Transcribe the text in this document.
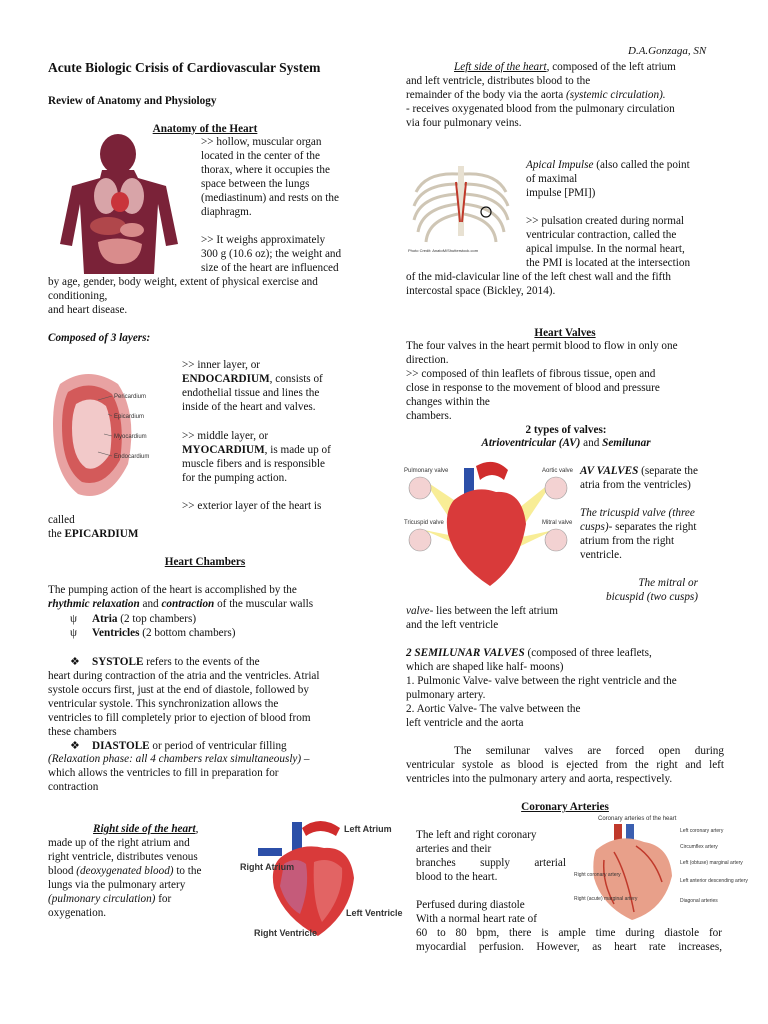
D.A.Gonzaga, SN

Acute Biologic Crisis of Cardiovascular System

Review of Anatomy and Physiology

Anatomy of the Heart

>> hollow, muscular organ

located in the center of the

thorax, where it occupies the

space between the lungs

(mediastinum) and rests on the

diaphragm.

>> It weighs approximately

300 g (10.6 oz); the weight and

size of the heart are influenced

by age, gender, body weight, extent of physical exercise and

conditioning,

and heart disease.

Composed of 3 layers:

Pericardium
Epicardium
Myocardium
Endocardium

>> inner layer, or

ENDOCARDIUM, consists of

endothelial tissue and lines the

inside of the heart and valves.

>> middle layer, or

MYOCARDIUM, is made up of

muscle fibers and is responsible

for the pumping action.

>> exterior layer of the heart is

called

the EPICARDIUM

Heart Chambers

The pumping action of the heart is accomplished by the

rhythmic relaxation and contraction of the muscular walls

ψ Atria (2 top chambers)

ψ Ventricles (2 bottom chambers)

❖ SYSTOLE refers to the events of the

heart during contraction of the atria and the ventricles. Atrial

systole occurs first, just at the end of diastole, followed by

ventricular systole. This synchronization allows the

ventricles to fill completely prior to ejection of blood from

these chambers

❖ DIASTOLE or period of ventricular filling

(Relaxation phase: all 4 chambers relax simultaneously) –

which allows the ventricles to fill in preparation for

contraction

Right side of the heart,

made up of the right atrium and

right ventricle, distributes venous

blood (deoxygenated blood) to the

lungs via the pulmonary artery

(pulmonary circulation) for

oxygenation.

Left Atrium
Right Atrium
Left Ventricle
Right Ventricle

Left side of the heart, composed of the left atrium

and left ventricle, distributes blood to the

remainder of the body via the aorta (systemic circulation).

- receives oxygenated blood from the pulmonary circulation

via four pulmonary veins.

Photo Credit: AnatoM/Shutterstock.com

Apical Impulse (also called the point

of maximal

impulse [PMI])

>> pulsation created during normal

ventricular contraction, called the

apical impulse. In the normal heart,

the PMI is located at the intersection

of the mid-clavicular line of the left chest wall and the fifth

intercostal space (Bickley, 2014).

Heart Valves

The four valves in the heart permit blood to flow in only one

direction.

>> composed of thin leaflets of fibrous tissue, open and

close in response to the movement of blood and pressure

changes within the

chambers.

2 types of valves:

Atrioventricular (AV) and Semilunar

Pulmonary valve	Aortic valve
Tricuspid valve	Mitral valve

AV VALVES (separate the

atria from the ventricles)

The tricuspid valve (three

cusps)- separates the right

atrium from the right

ventricle.

The mitral or

bicuspid (two cusps)

valve- lies between the left atrium

and the left ventricle

2 SEMILUNAR VALVES (composed of three leaflets,

which are shaped like half- moons)

1. Pulmonic Valve- valve between the right ventricle and the

pulmonary artery.

2. Aortic Valve- The valve between the

left ventricle and the aorta

The semilunar valves are forced open during

ventricular systole as blood is ejected from the right and left

ventricles into the pulmonary artery and aorta, respectively.

Coronary Arteries

The left and right coronary

arteries and their

branches supply arterial

blood to the heart.

Perfused during diastole

With a normal heart rate of

60 to 80 bpm, there is ample time during diastole for

myocardial perfusion. However, as heart rate increases,

Coronary arteries of the heart
Left coronary artery
Circumflex artery
Left (obtuse) marginal artery
Left anterior descending artery
Diagonal arteries
Right coronary artery
Right (acute) marginal artery
